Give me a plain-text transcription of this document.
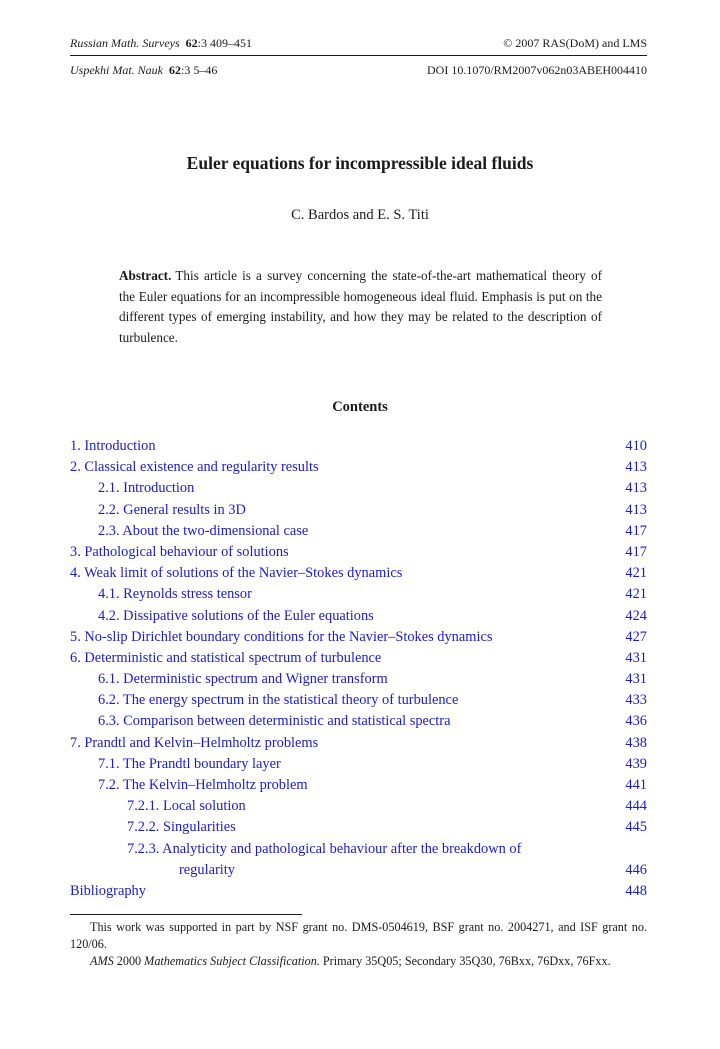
Russian Math. Surveys 62:3 409–451	© 2007 RAS(DoM) and LMS
Uspekhi Mat. Nauk 62:3 5–46	DOI 10.1070/RM2007v062n03ABEH004410
Euler equations for incompressible ideal fluids
C. Bardos and E. S. Titi
Abstract. This article is a survey concerning the state-of-the-art mathematical theory of the Euler equations for an incompressible homogeneous ideal fluid. Emphasis is put on the different types of emerging instability, and how they may be related to the description of turbulence.
Contents
1. Introduction	410
2. Classical existence and regularity results	413
2.1. Introduction	413
2.2. General results in 3D	413
2.3. About the two-dimensional case	417
3. Pathological behaviour of solutions	417
4. Weak limit of solutions of the Navier–Stokes dynamics	421
4.1. Reynolds stress tensor	421
4.2. Dissipative solutions of the Euler equations	424
5. No-slip Dirichlet boundary conditions for the Navier–Stokes dynamics	427
6. Deterministic and statistical spectrum of turbulence	431
6.1. Deterministic spectrum and Wigner transform	431
6.2. The energy spectrum in the statistical theory of turbulence	433
6.3. Comparison between deterministic and statistical spectra	436
7. Prandtl and Kelvin–Helmholtz problems	438
7.1. The Prandtl boundary layer	439
7.2. The Kelvin–Helmholtz problem	441
7.2.1. Local solution	444
7.2.2. Singularities	445
7.2.3. Analyticity and pathological behaviour after the breakdown of
regularity	446
Bibliography	448
This work was supported in part by NSF grant no. DMS-0504619, BSF grant no. 2004271, and ISF grant no. 120/06.
AMS 2000 Mathematics Subject Classification. Primary 35Q05; Secondary 35Q30, 76Bxx, 76Dxx, 76Fxx.
